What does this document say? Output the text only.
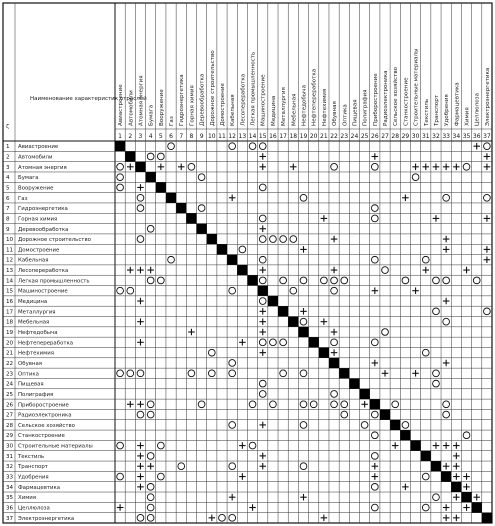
ζ
Наименование характеристик отраслей
1 Авиастроение
2 Автомобили
3 Атомная энергия
4 Бумага
5 Вооружение
6 Газ
7 Гидроэнергетика
8 Горная химия
9 Деревообработка
10 Дорожное строительство
11 Домостроение
12 Кабельная
13 Лесопереработка
14 Легкая промышленность
15 Машиностроение
16 Медицина
17 Металлургия
18 Мебельная
19 Нефтедобыча
20 Нефтепереработка
21 Нефтехимия
22 Обувная
23 Оптика
24 Пищевая
25 Полиграфия
26 Приборостроение
27 Радиоэлектроника
28 Сельское хозяйство
29 Станкостроение
30 Строительные материалы
31 Текстиль
32 Транспорт
33 Удобрения
34 Фармацевтика
35 Химия
36 Целлюлоза
37 Электроэнергетика
Авиастроение Автомобили Атомная энергия Бумага Вооружение Газ Гидроэнергетика Горная химия Деревообработка Дорожное строительство Домостроение Кабельная Лесопереработка Легкая промышленность Машиностроение Медицина Металлургия Мебельная Нефтедобыча Нефтепереработка Нефтехимия Обувная Оптика Пищевая Полиграфия Приборостроение Радиоэлектроника Сельское хозяйство Станкостроение Строительные материалы Текстиль Транспорт Удобрения Фармацевтика Химия Целлюлоза Электроэнергетика
1 2 3 4 5 6 7 8 9 10 11 12 13 14 15 16 17 18 19 20 21 22 23 24 25 26 27 28 29 30 31 32 33 34 35 36 37
